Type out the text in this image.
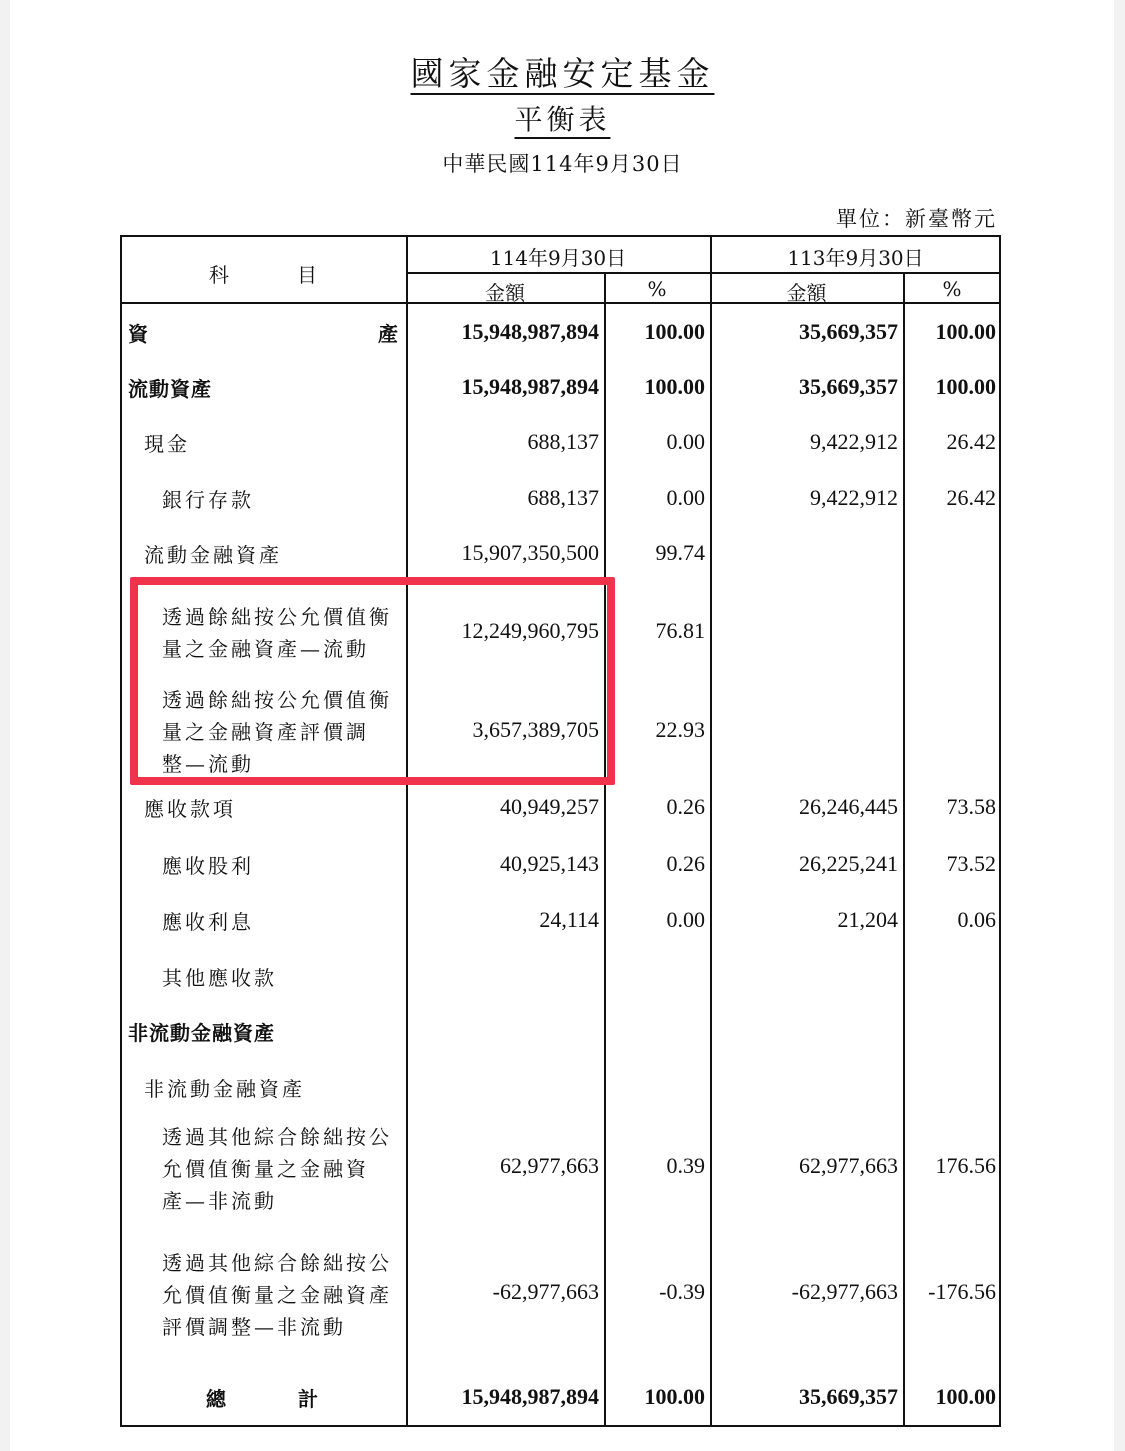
國家金融安定基金
平衡表
中華民國114年9月30日
單位：新臺幣元
科　　　目
114年9月30日	113年9月30日
金額	%	金額	%
資	產	15,948,987,894 100.00	35,669,357 100.00
流動資產	15,948,987,894 100.00	35,669,357 100.00
現金	688,137	0.00	9,422,912 26.42
銀行存款	688,137	0.00	9,422,912 26.42
流動金融資產	15,907,350,500	99.74
透過餘絀按公允價值衡
量之金融資產—流動
12,249,960,795	76.81
透過餘絀按公允價值衡
量之金融資產評價調
整—流動
3,657,389,705	22.93
應收款項	40,949,257	0.26	26,246,445 73.58
應收股利	40,925,143	0.26	26,225,241 73.52
應收利息	24,114	0.00	21,204	0.06
其他應收款
非流動金融資產
非流動金融資產
透過其他綜合餘絀按公
允價值衡量之金融資
產—非流動
62,977,663	0.39	62,977,663 176.56
透過其他綜合餘絀按公
允價值衡量之金融資產
評價調整—非流動
-62,977,663	-0.39	-62,977,663 -176.56
總	計	15,948,987,894 100.00	35,669,357 100.00
